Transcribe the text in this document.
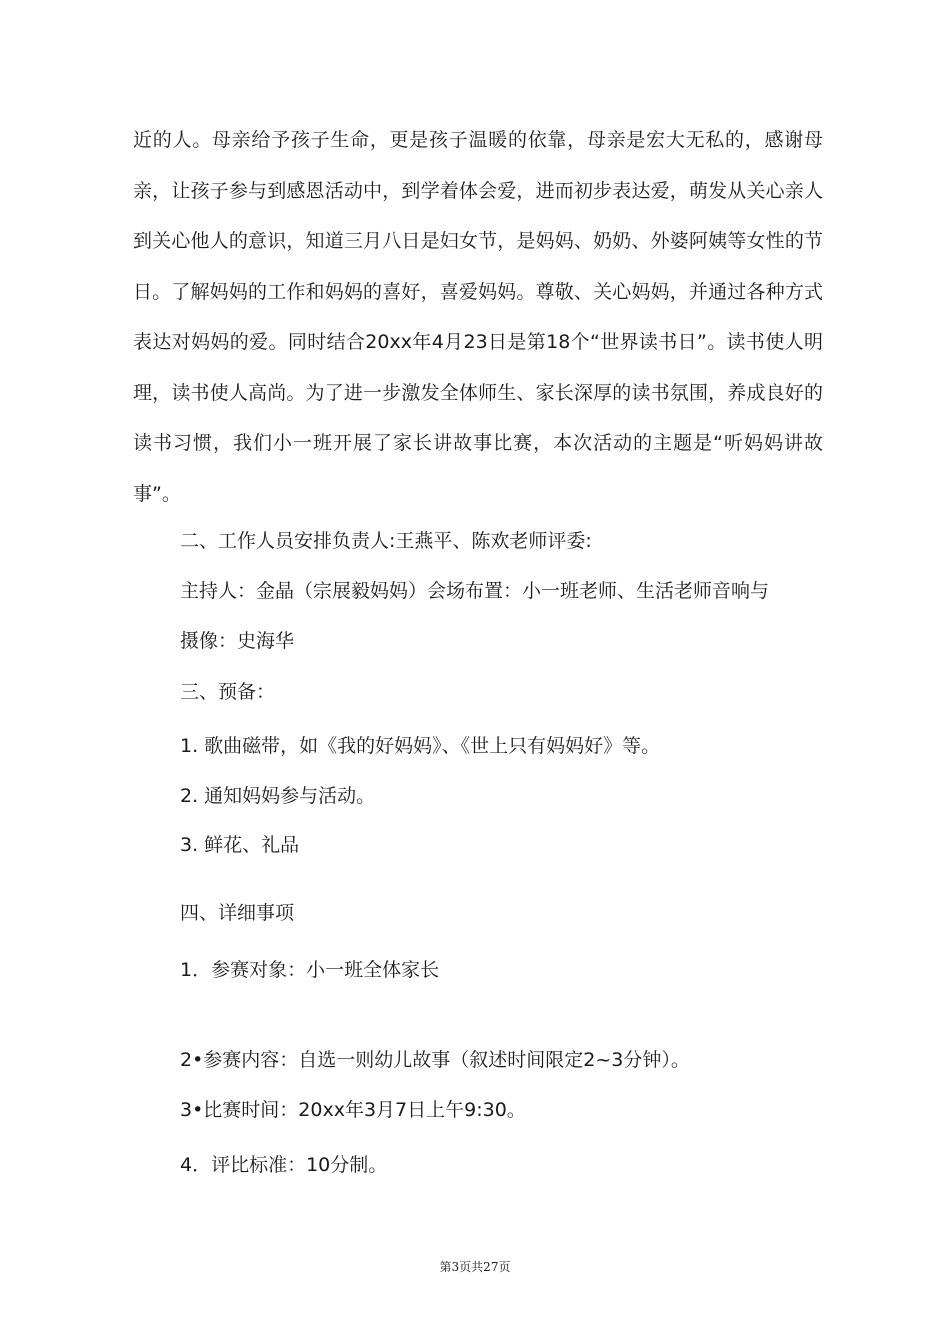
近的人。母亲给予孩子生命，更是孩子温暖的依靠，母亲是宏大无私的，感谢母亲，让孩子参与到感恩活动中，到学着体会爱，进而初步表达爱，萌发从关心亲人到关心他人的意识，知道三月八日是妇女节，是妈妈、奶奶、外婆阿姨等女性的节日。了解妈妈的工作和妈妈的喜好，喜爱妈妈。尊敬、关心妈妈，并通过各种方式表达对妈妈的爱。同时结合20xx年4月23日是第18个“世界读书日”。读书使人明理，读书使人高尚。为了进一步激发全体师生、家长深厚的读书氛围，养成良好的读书习惯，我们小一班开展了家长讲故事比赛，本次活动的主题是“听妈妈讲故事”。

二、工作人员安排负责人:王燕平、陈欢老师评委:

主持人：金晶（宗展毅妈妈）会场布置：小一班老师、生活老师音响与

摄像：史海华

三、预备：

1. 歌曲磁带，如《我的好妈妈》、《世上只有妈妈好》等。

2. 通知妈妈参与活动。

3. 鲜花、礼品

四、详细事项

1．参赛对象：小一班全体家长

2•参赛内容：自选一则幼儿故事（叙述时间限定2~3分钟）。

3•比赛时间：20xx年3月7日上午9:30。

4．评比标准：10分制。

第3页共27页
